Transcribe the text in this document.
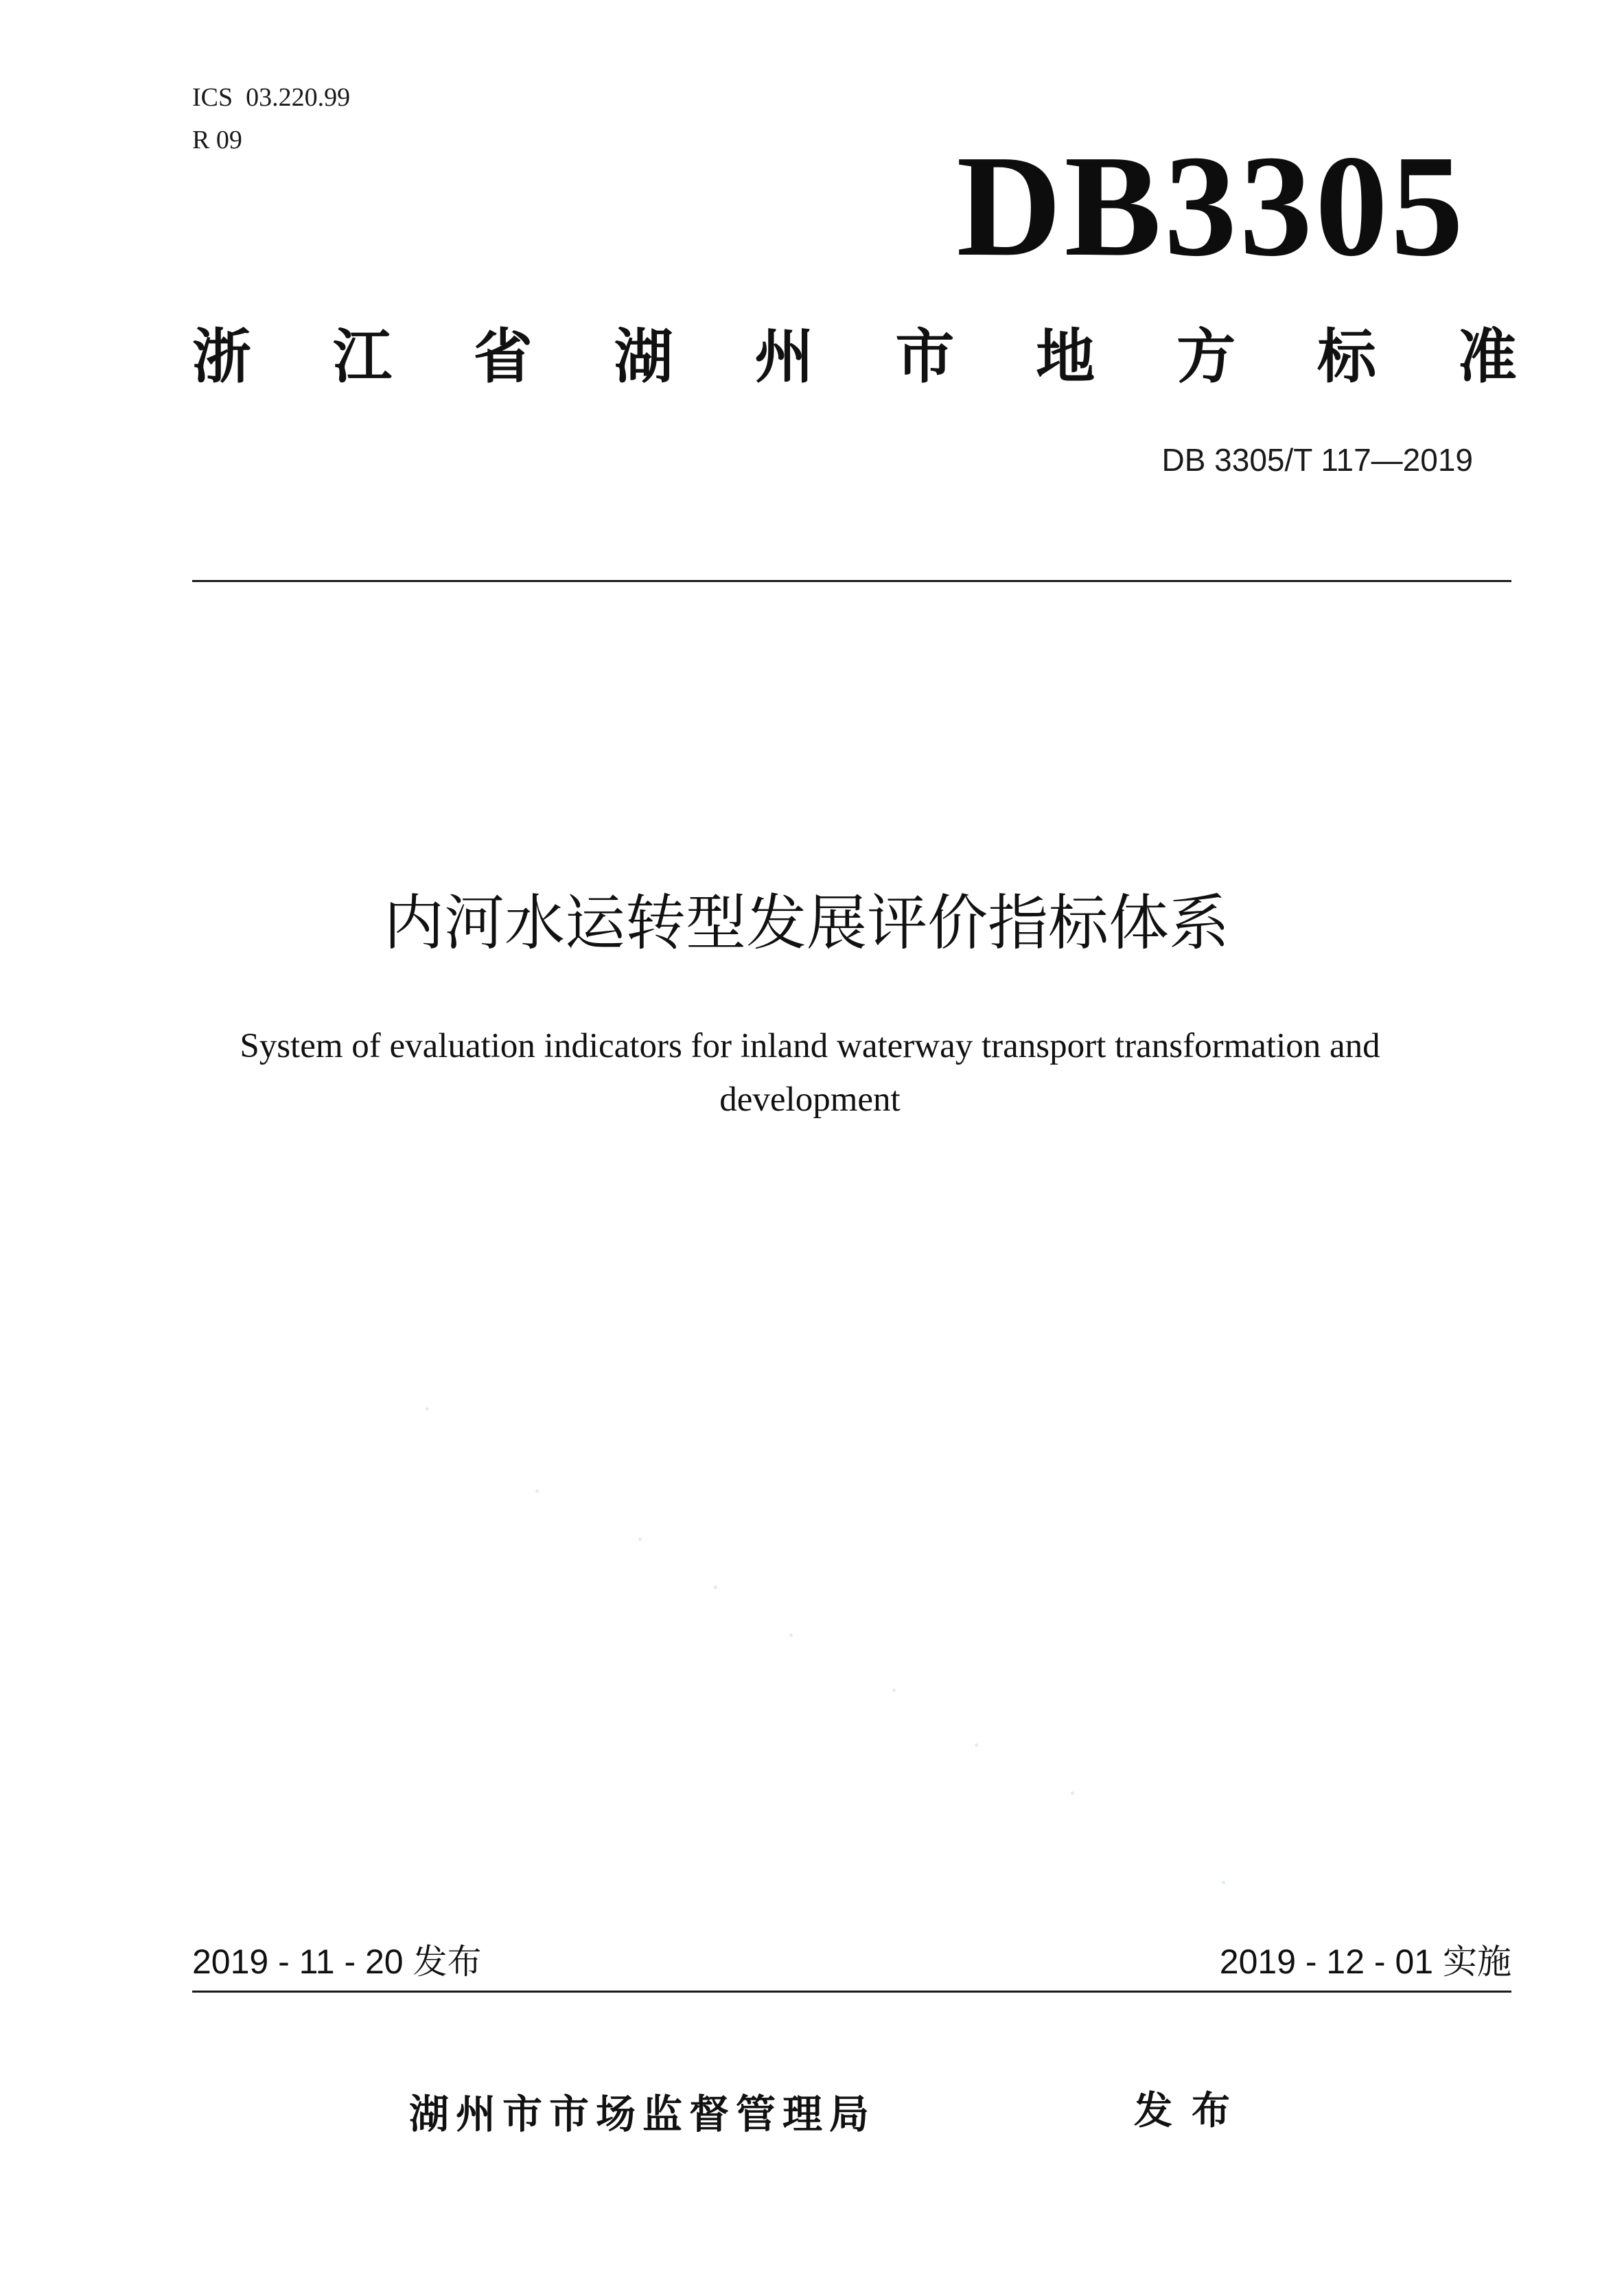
ICS  03.220.99
R 09	DB3305
浙 江 省 湖 州 市 地 方 标 准
DB 3305/T 117—2019
内河水运转型发展评价指标体系
System of evaluation indicators for inland waterway transport transformation and
development
2019 - 11 - 20 发布	2019 - 12 - 01 实施
湖州市市场监督管理局	发布
